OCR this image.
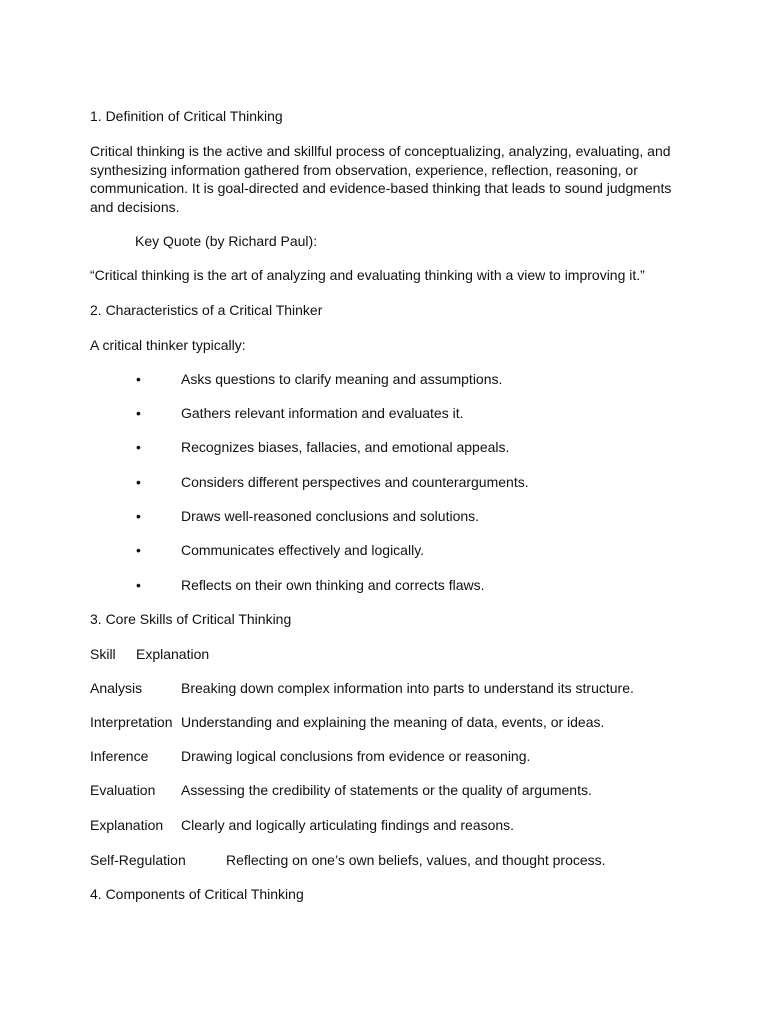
1. Definition of Critical Thinking
Critical thinking is the active and skillful process of conceptualizing, analyzing, evaluating, and synthesizing information gathered from observation, experience, reflection, reasoning, or communication. It is goal-directed and evidence-based thinking that leads to sound judgments and decisions.
Key Quote (by Richard Paul):
“Critical thinking is the art of analyzing and evaluating thinking with a view to improving it.”
2. Characteristics of a Critical Thinker
A critical thinker typically:
•	Asks questions to clarify meaning and assumptions.
•	Gathers relevant information and evaluates it.
•	Recognizes biases, fallacies, and emotional appeals.
•	Considers different perspectives and counterarguments.
•	Draws well-reasoned conclusions and solutions.
•	Communicates effectively and logically.
•	Reflects on their own thinking and corrects flaws.
3. Core Skills of Critical Thinking
Skill Explanation
Analysis	Breaking down complex information into parts to understand its structure.
Interpretation Understanding and explaining the meaning of data, events, or ideas.
Inference Drawing logical conclusions from evidence or reasoning.
Evaluation Assessing the credibility of statements or the quality of arguments.
Explanation Clearly and logically articulating findings and reasons.
Self-Regulation	Reflecting on one’s own beliefs, values, and thought process.
4. Components of Critical Thinking
